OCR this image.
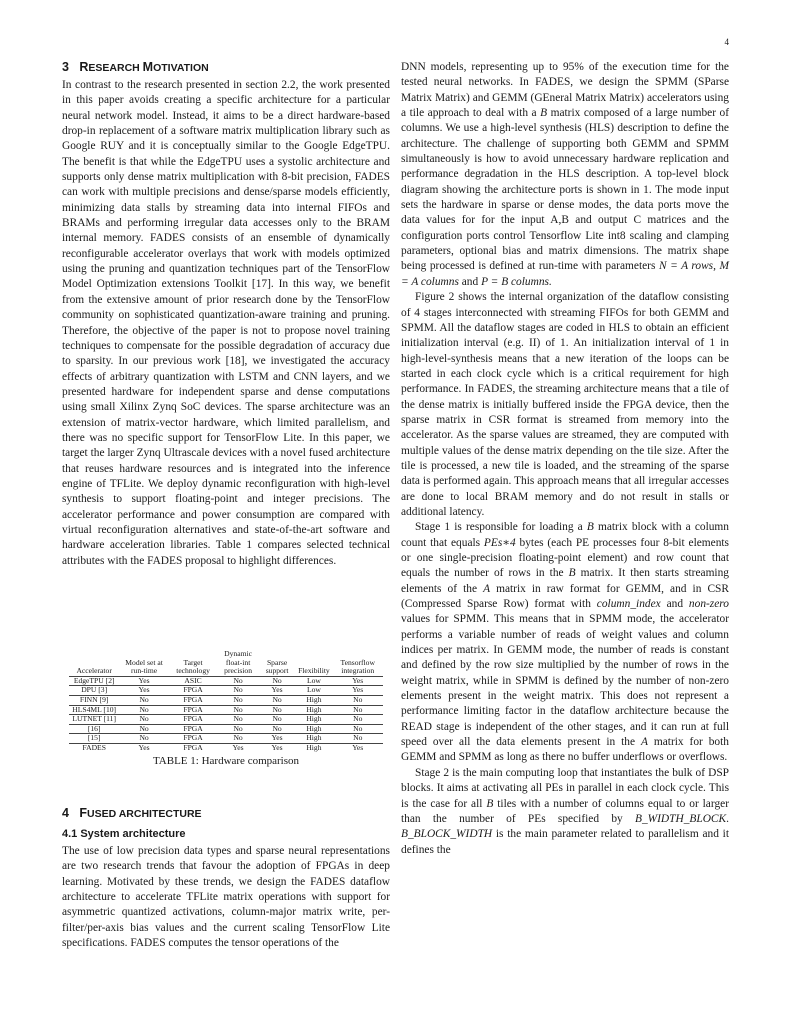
4
3 RESEARCH MOTIVATION

In contrast to the research presented in section 2.2, the work presented in this paper avoids creating a specific architecture for a particular neural network model. Instead, it aims to be a direct hardware-based drop-in replacement of a software matrix multiplication library such as Google RUY and it is conceptually similar to the Google EdgeTPU. The benefit is that while the EdgeTPU uses a systolic architecture and supports only dense matrix multiplication with 8-bit precision, FADES can work with multiple precisions and dense/sparse models efficiently, minimizing data stalls by streaming data into internal FIFOs and BRAMs and performing irregular data accesses only to the BRAM internal memory. FADES consists of an ensemble of dynamically reconfigurable accelerator overlays that work with models optimized using the pruning and quantization techniques part of the TensorFlow Model Optimization extensions Toolkit [17]. In this way, we benefit from the extensive amount of prior research done by the TensorFlow community on sophisticated quantization-aware training and pruning. Therefore, the objective of the paper is not to propose novel training techniques to compensate for the possible degradation of accuracy due to sparsity. In our previous work [18], we investigated the accuracy effects of arbitrary quantization with LSTM and CNN layers, and we presented hardware for independent sparse and dense computations using small Xilinx Zynq SoC devices. The sparse architecture was an extension of matrix-vector hardware, which limited parallelism, and there was no specific support for TensorFlow Lite. In this paper, we target the larger Zynq Ultrascale devices with a novel fused architecture that reuses hardware resources and is integrated into the inference engine of TFLite. We deploy dynamic reconfiguration with high-level synthesis to support floating-point and integer precisions. The accelerator performance and power consumption are compared with virtual reconfiguration alternatives and state-of-the-art software and hardware acceleration libraries. Table 1 compares selected technical attributes with the FADES proposal to highlight differences.

Accelerator	Model set at run-time	Target technology	Dynamic float-int precision	Sparse support	Flexibility	Tensorflow integration
EdgeTPU [2]	Yes	ASIC	No	No	Low	Yes
DPU [3]	Yes	FPGA	No	Yes	Low	Yes
FINN [9]	No	FPGA	No	No	High	No
HLS4ML [10]	No	FPGA	No	No	High	No
LUTNET [11]	No	FPGA	No	No	High	No
[16]	No	FPGA	No	No	High	No
[15]	No	FPGA	No	Yes	High	No
FADES	Yes	FPGA	Yes	Yes	High	Yes
TABLE 1: Hardware comparison
4 FUSED ARCHITECTURE
4.1 System architecture

The use of low precision data types and sparse neural representations are two research trends that favour the adoption of FPGAs in deep learning. Motivated by these trends, we design the FADES dataflow architecture to accelerate TFLite matrix operations with support for asymmetric quantized activations, column-major matrix write, per-filter/per-axis bias values and the current scaling TensorFlow Lite specifications. FADES computes the tensor operations of the

DNN models, representing up to 95% of the execution time for the tested neural networks. In FADES, we design the SPMM (SParse Matrix Matrix) and GEMM (GEneral Matrix Matrix) accelerators using a tile approach to deal with a B matrix composed of a large number of columns. We use a high-level synthesis (HLS) description to define the architecture. The challenge of supporting both GEMM and SPMM simultaneously is how to avoid unnecessary hardware replication and performance degradation in the HLS description. A top-level block diagram showing the architecture ports is shown in 1. The mode input sets the hardware in sparse or dense modes, the data ports move the data values for for the input A,B and output C matrices and the configuration ports control Tensorflow Lite int8 scaling and clamping parameters, optional bias and matrix dimensions. The matrix shape being processed is defined at run-time with parameters N = A rows, M = A columns and P = B columns.

Figure 2 shows the internal organization of the dataflow consisting of 4 stages interconnected with streaming FIFOs for both GEMM and SPMM. All the dataflow stages are coded in HLS to obtain an efficient initialization interval (e.g. II) of 1. An initialization interval of 1 in high-level-synthesis means that a new iteration of the loops can be started in each clock cycle which is a critical requirement for high performance. In FADES, the streaming architecture means that a tile of the dense matrix is initially buffered inside the FPGA device, then the sparse matrix in CSR format is streamed from memory into the accelerator. As the sparse values are streamed, they are computed with multiple values of the dense matrix depending on the tile size. After the tile is processed, a new tile is loaded, and the streaming of the sparse data is performed again. This approach means that all irregular accesses are done to local BRAM memory and do not result in stalls or additional latency.

Stage 1 is responsible for loading a B matrix block with a column count that equals PEs∗4 bytes (each PE processes four 8-bit elements or one single-precision floating-point element) and row count that equals the number of rows in the B matrix. It then starts streaming elements of the A matrix in raw format for GEMM, and in CSR (Compressed Sparse Row) format with column_index and non-zero values for SPMM. This means that in SPMM mode, the accelerator performs a variable number of reads of weight values and column indices per matrix. In GEMM mode, the number of reads is constant and defined by the row size multiplied by the number of rows in the weight matrix, while in SPMM is defined by the number of non-zero elements present in the weight matrix. This does not represent a performance limiting factor in the dataflow architecture because the READ stage is independent of the other stages, and it can run at full speed over all the data elements present in the A matrix for both GEMM and SPMM as long as there no buffer underflows or overflows.

Stage 2 is the main computing loop that instantiates the bulk of DSP blocks. It aims at activating all PEs in parallel in each clock cycle. This is the case for all B tiles with a number of columns equal to or larger than the number of PEs specified by B_WIDTH_BLOCK. B_BLOCK_WIDTH is the main parameter related to parallelism and it defines the
